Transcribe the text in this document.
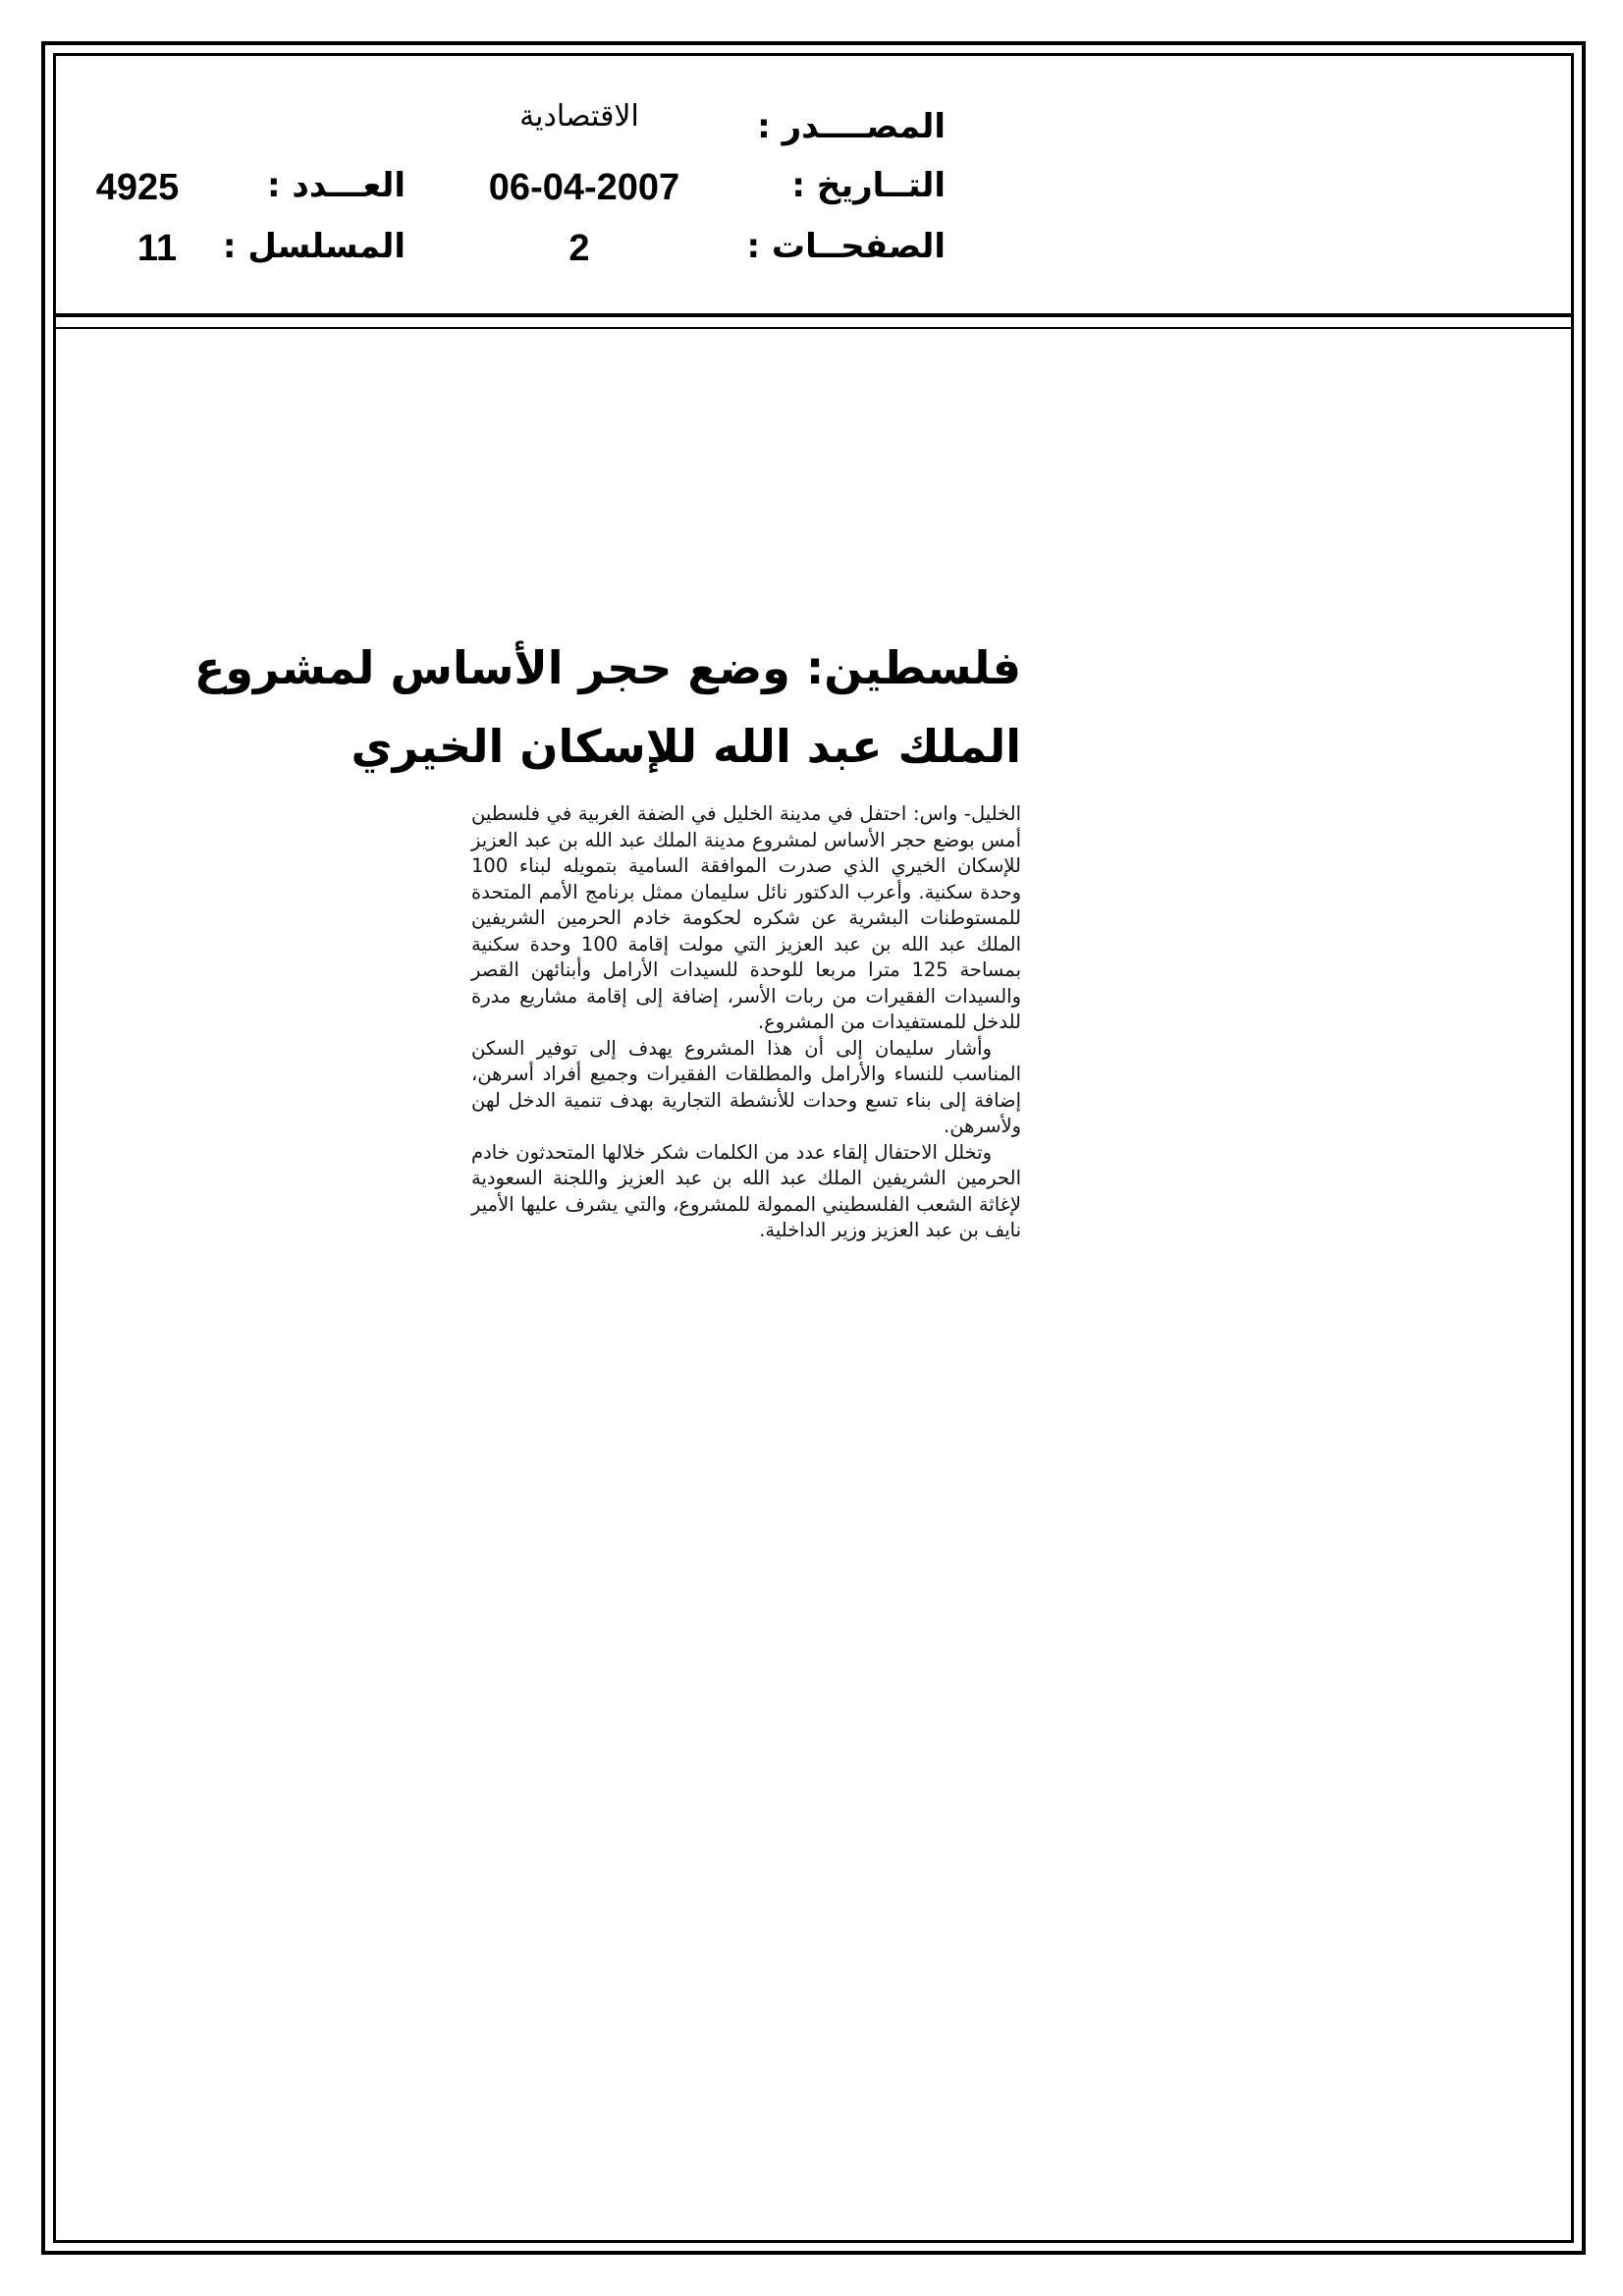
المصــــدر :
التــاريخ :
الصفحــات :
الاقتصادية
06-04-2007
2
العـــدد :
المسلسل :
4925
11
فلسطين: وضع حجر الأساس لمشروع
الملك عبد الله للإسكان الخيري

الخليل- واس: احتفل في مدينة الخليل في الضفة الغربية في فلسطين أمس بوضع حجر الأساس لمشروع مدينة الملك عبد الله بن عبد العزيز للإسكان الخيري الذي صدرت الموافقة السامية بتمويله لبناء 100 وحدة سكنية. وأعرب الدكتور نائل سليمان ممثل برنامج الأمم المتحدة للمستوطنات البشرية عن شكره لحكومة خادم الحرمين الشريفين الملك عبد الله بن عبد العزيز التي مولت إقامة 100 وحدة سكنية بمساحة 125 مترا مربعا للوحدة للسيدات الأرامل وأبنائهن القصر والسيدات الفقيرات من ربات الأسر، إضافة إلى إقامة مشاريع مدرة للدخل للمستفيدات من المشروع.

وأشار سليمان إلى أن هذا المشروع يهدف إلى توفير السكن المناسب للنساء والأرامل والمطلقات الفقيرات وجميع أفراد أسرهن، إضافة إلى بناء تسع وحدات للأنشطة التجارية بهدف تنمية الدخل لهن ولأسرهن.

وتخلل الاحتفال إلقاء عدد من الكلمات شكر خلالها المتحدثون خادم الحرمين الشريفين الملك عبد الله بن عبد العزيز واللجنة السعودية لإغاثة الشعب الفلسطيني الممولة للمشروع، والتي يشرف عليها الأمير نايف بن عبد العزيز وزير الداخلية.
